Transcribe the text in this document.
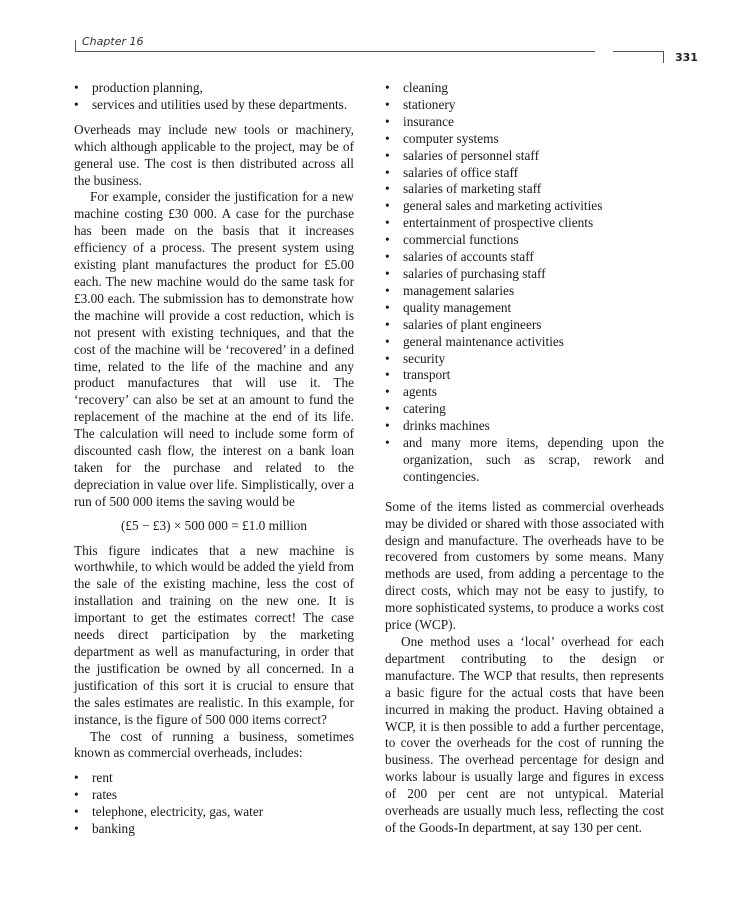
Chapter 16
331
• production planning,
• services and utilities used by these departments.

Overheads may include new tools or machinery, which although applicable to the project, may be of general use. The cost is then distributed across all the business.

For example, consider the justification for a new machine costing £30 000. A case for the purchase has been made on the basis that it increases efficiency of a process. The present system using existing plant manufactures the product for £5.00 each. The new machine would do the same task for £3.00 each. The submission has to demonstrate how the machine will provide a cost reduction, which is not present with existing techniques, and that the cost of the machine will be ‘recovered’ in a defined time, related to the life of the machine and any product manufactures that will use it. The ‘recovery’ can also be set at an amount to fund the replacement of the machine at the end of its life. The calculation will need to include some form of discounted cash flow, the interest on a bank loan taken for the purchase and related to the depreciation in value over life. Simplistically, over a run of 500 000 items the saving would be

(£5 − £3) × 500 000 = £1.0 million

This figure indicates that a new machine is worthwhile, to which would be added the yield from the sale of the existing machine, less the cost of installation and training on the new one. It is important to get the estimates correct! The case needs direct participation by the marketing department as well as manufacturing, in order that the justification be owned by all concerned. In a justification of this sort it is crucial to ensure that the sales estimates are realistic. In this example, for instance, is the figure of 500 000 items correct?

The cost of running a business, sometimes known as commercial overheads, includes:

• rent
• rates
• telephone, electricity, gas, water
• banking
• cleaning
• stationery
• insurance
• computer systems
• salaries of personnel staff
• salaries of office staff
• salaries of marketing staff
• general sales and marketing activities
• entertainment of prospective clients
• commercial functions
• salaries of accounts staff
• salaries of purchasing staff
• management salaries
• quality management
• salaries of plant engineers
• general maintenance activities
• security
• transport
• agents
• catering
• drinks machines
• and many more items, depending upon the organization, such as scrap, rework and contingencies.

Some of the items listed as commercial overheads may be divided or shared with those associated with design and manufacture. The overheads have to be recovered from customers by some means. Many methods are used, from adding a percentage to the direct costs, which may not be easy to justify, to more sophisticated systems, to produce a works cost price (WCP).

One method uses a ‘local’ overhead for each department contributing to the design or manufacture. The WCP that results, then represents a basic figure for the actual costs that have been incurred in making the product. Having obtained a WCP, it is then possible to add a further percentage, to cover the overheads for the cost of running the business. The overhead percentage for design and works labour is usually large and figures in excess of 200 per cent are not untypical. Material overheads are usually much less, reflecting the cost of the Goods-In department, at say 130 per cent.
